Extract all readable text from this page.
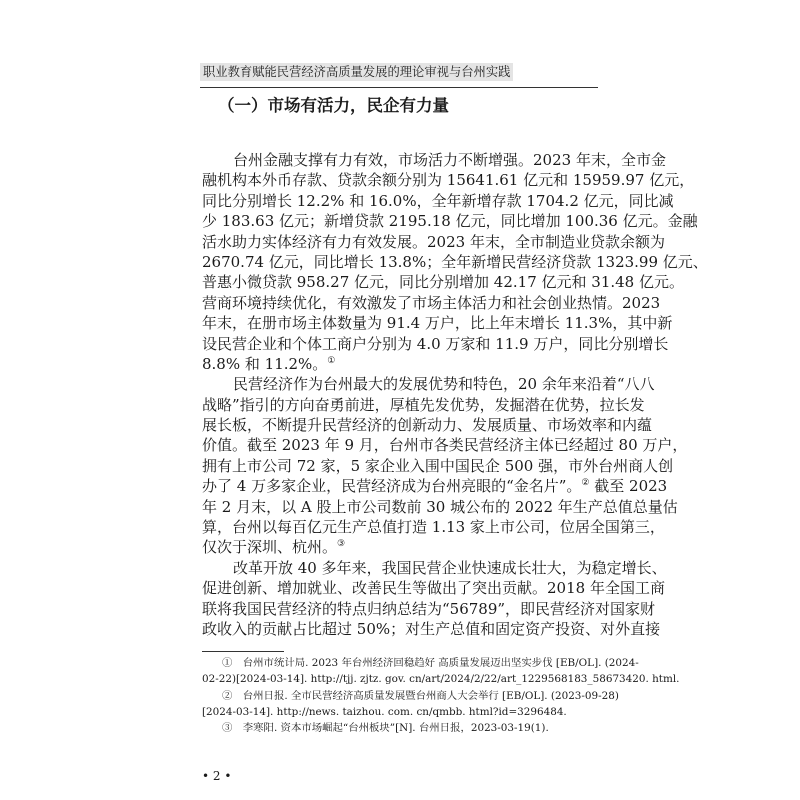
职业教育赋能民营经济高质量发展的理论审视与台州实践
（一）市场有活力，民企有力量
台州金融支撑有力有效，市场活力不断增强。2023 年末，全市金
融机构本外币存款、贷款余额分别为 15641.61 亿元和 15959.97 亿元，
同比分别增长 12.2% 和 16.0%，全年新增存款 1704.2 亿元，同比减
少 183.63 亿元；新增贷款 2195.18 亿元，同比增加 100.36 亿元。金融
活水助力实体经济有力有效发展。2023 年末，全市制造业贷款余额为
2670.74 亿元，同比增长 13.8%；全年新增民营经济贷款 1323.99 亿元、
普惠小微贷款 958.27 亿元，同比分别增加 42.17 亿元和 31.48 亿元。
营商环境持续优化，有效激发了市场主体活力和社会创业热情。2023
年末，在册市场主体数量为 91.4 万户，比上年末增长 11.3%，其中新
设民营企业和个体工商户分别为 4.0 万家和 11.9 万户，同比分别增长
8.8% 和 11.2%。①
民营经济作为台州最大的发展优势和特色，20 余年来沿着“八八
战略”指引的方向奋勇前进，厚植先发优势，发掘潜在优势，拉长发
展长板，不断提升民营经济的创新动力、发展质量、市场效率和内蕴
价值。截至 2023 年 9 月，台州市各类民营经济主体已经超过 80 万户，
拥有上市公司 72 家，5 家企业入围中国民企 500 强，市外台州商人创
办了 4 万多家企业，民营经济成为台州亮眼的“金名片”。② 截至 2023
年 2 月末，以 A 股上市公司数前 30 城公布的 2022 年生产总值总量估
算，台州以每百亿元生产总值打造 1.13 家上市公司，位居全国第三，
仅次于深圳、杭州。③
改革开放 40 多年来，我国民营企业快速成长壮大，为稳定增长、
促进创新、增加就业、改善民生等做出了突出贡献。2018 年全国工商
联将我国民营经济的特点归纳总结为“56789”，即民营经济对国家财
政收入的贡献占比超过 50%；对生产总值和固定资产投资、对外直接
①　台州市统计局. 2023 年台州经济回稳趋好 高质量发展迈出坚实步伐 [EB/OL]. (2024-
02-22)[2024-03-14]. http://tjj. zjtz. gov. cn/art/2024/2/22/art_1229568183_58673420. html.
②　台州日报. 全市民营经济高质量发展暨台州商人大会举行 [EB/OL]. (2023-09-28)
[2024-03-14]. http://news. taizhou. com. cn/qmbb. html?id=3296484.
③　李寒阳. 资本市场崛起“台州板块”[N]. 台州日报，2023-03-19(1).
• 2 •
